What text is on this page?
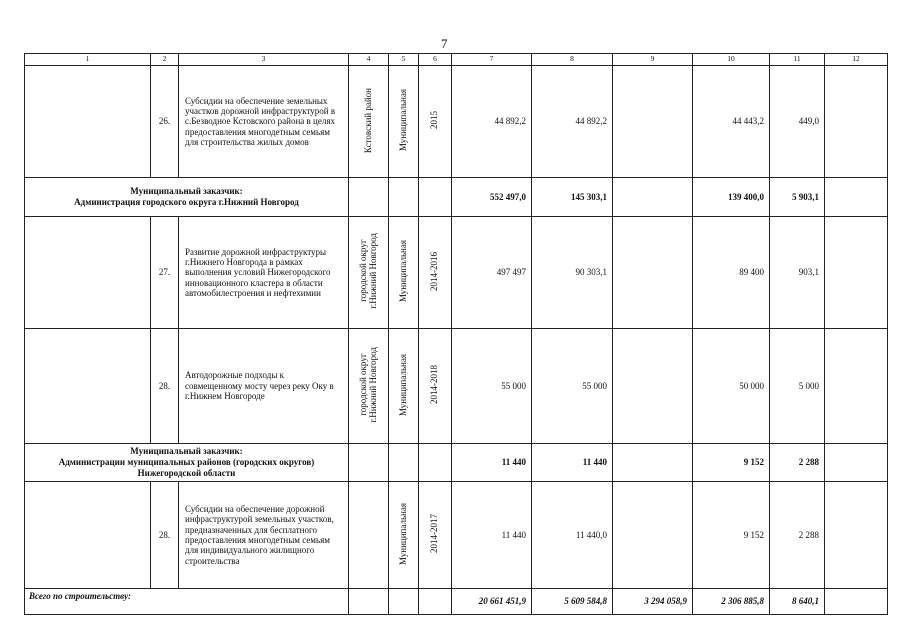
7
1	2	3	4	5	6	7	8	9	10	11	12
	26.	Субсидии на обеспечение земельных участков дорожной инфраструктурой в с.Безводное Кстовского района в целях предоставления многодетным семьям для строительства жилых домов	Кстовский район	Муниципальная	2015	44 892,2	44 892,2		44 443,2	449,0	

Муниципальный заказчик:
Администрация городского округа г.Нижний Новгород						552 497,0	145 303,1		139 400,0	5 903,1	
	27.	Развитие дорожной инфраструктуры г.Нижнего Новгорода в рамках выполнения условий Нижегородского инновационного кластера в области автомобилестроения и нефтехимии	городской округ
г.Нижний Новгород	Муниципальная	2014-2016	497 497	90 303,1		89 400	903,1	
	28.	Автодорожные подходы к совмещенному мосту через реку Оку в г.Нижнем Новгороде	городской округ
г.Нижний Новгород	Муниципальная	2014-2018	55 000	55 000		50 000	5 000	

Муниципальный заказчик:
Администрации муниципальных районов (городских округов)
Нижегородской области						11 440	11 440		9 152	2 288	
	28.	Субсидии на обеспечение дорожной инфраструктурой земельных участков, предназначенных для бесплатного предоставления многодетным семьям для индивидуального жилищного строительства		Муниципальная	2014-2017	11 440	11 440,0		9 152	2 288	
Всего по строительству:						20 661 451,9	5 609 584,8	3 294 058,9	2 306 885,8	8 640,1	
